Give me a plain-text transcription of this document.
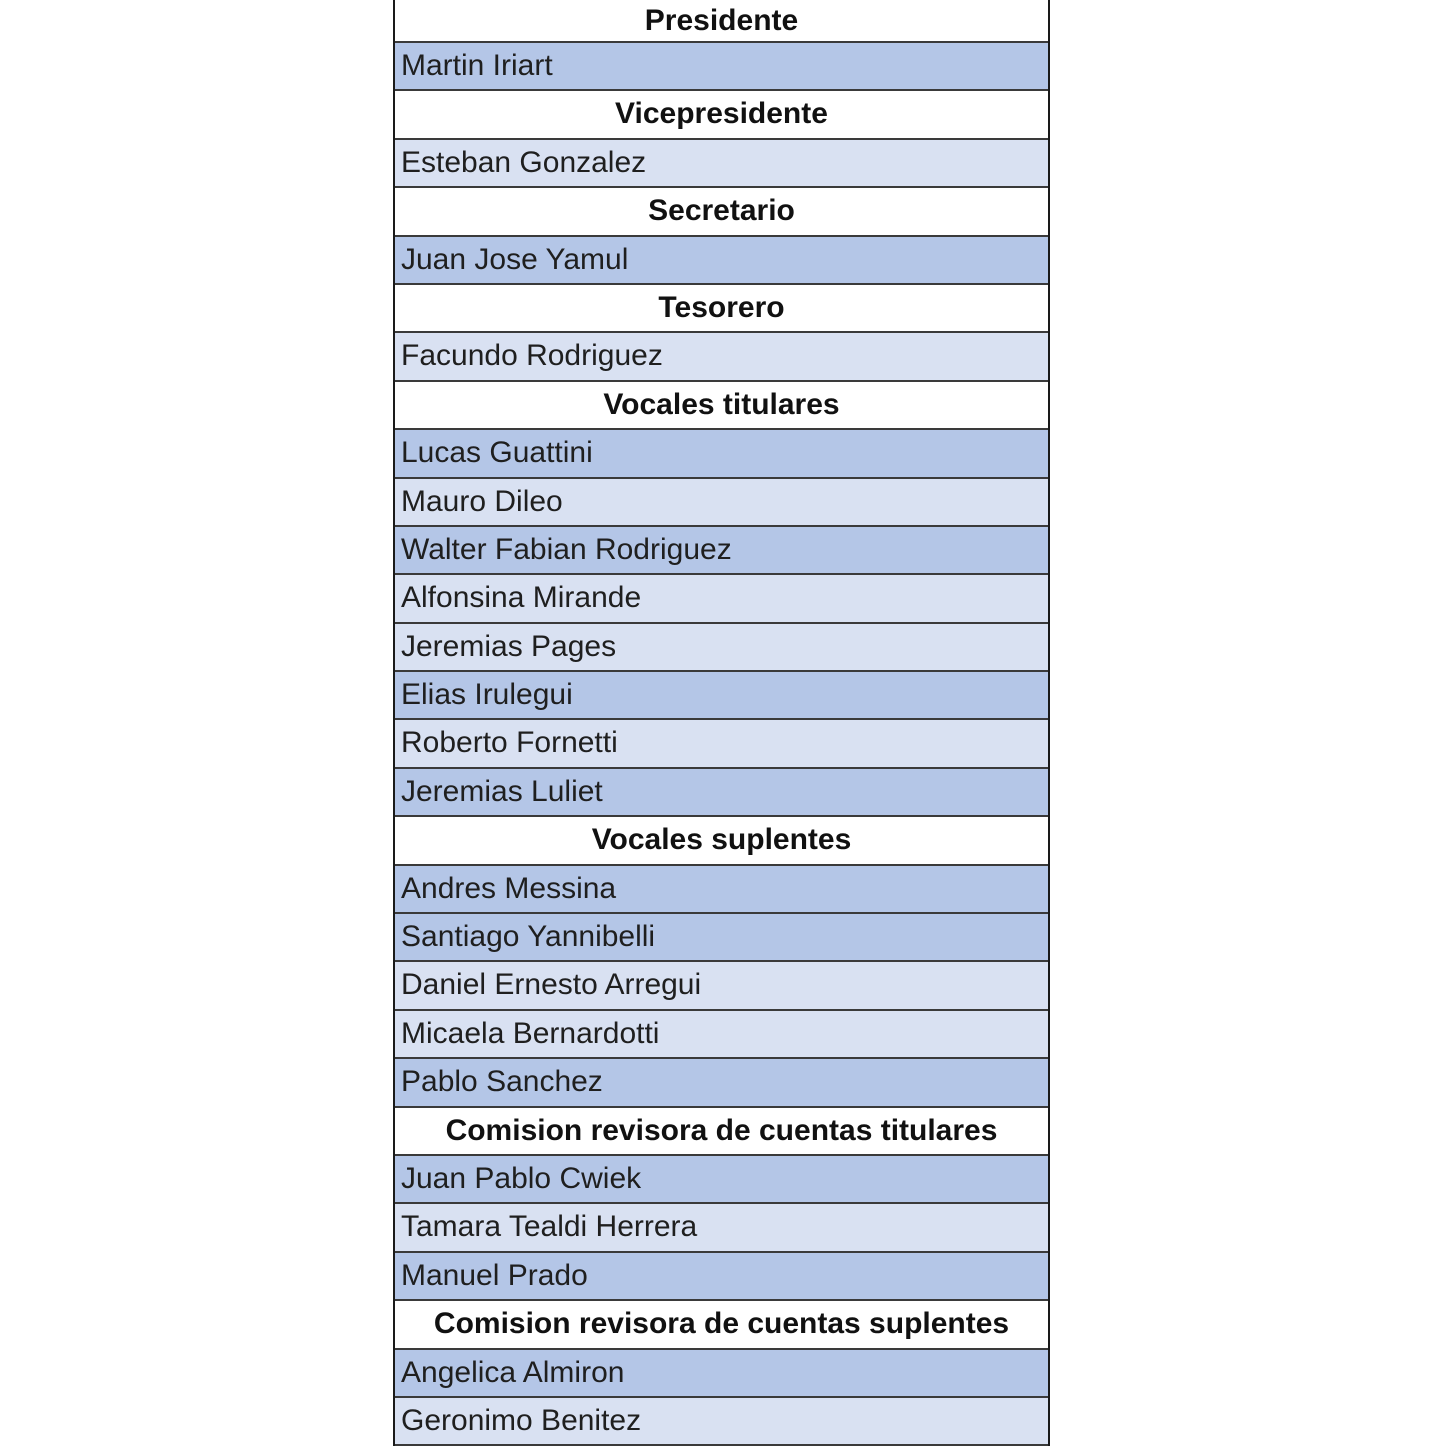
Presidente
Martin Iriart
Vicepresidente
Esteban Gonzalez
Secretario
Juan Jose Yamul
Tesorero
Facundo Rodriguez
Vocales titulares
Lucas Guattini
Mauro Dileo
Walter Fabian Rodriguez
Alfonsina Mirande
Jeremias Pages
Elias Irulegui
Roberto Fornetti
Jeremias Luliet
Vocales suplentes
Andres Messina
Santiago Yannibelli
Daniel Ernesto Arregui
Micaela Bernardotti
Pablo Sanchez
Comision revisora de cuentas titulares
Juan Pablo Cwiek
Tamara Tealdi Herrera
Manuel Prado
Comision revisora de cuentas suplentes
Angelica Almiron
Geronimo Benitez
